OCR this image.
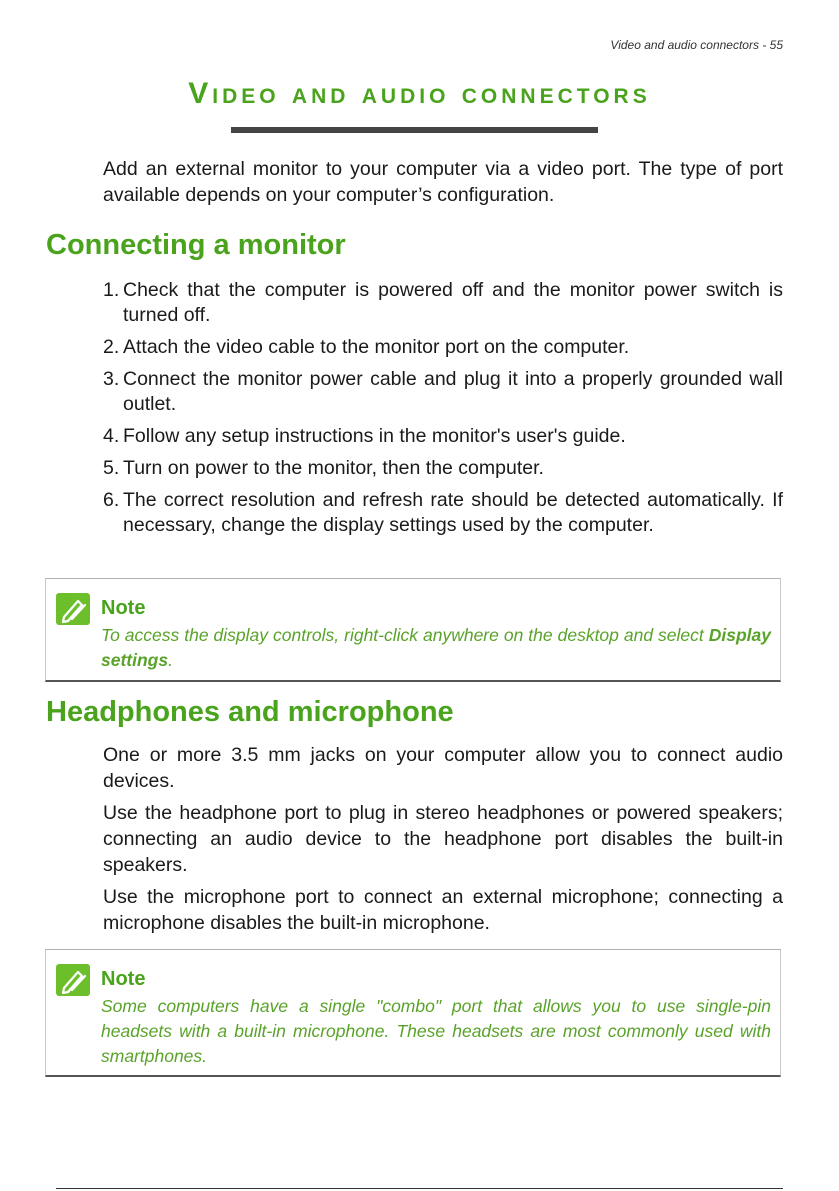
Video and audio connectors - 55
Video and audio connectors

Add an external monitor to your computer via a video port. The type of port available depends on your computer’s configuration.

Connecting a monitor
1. Check that the computer is powered off and the monitor power switch is turned off.
2. Attach the video cable to the monitor port on the computer.
3. Connect the monitor power cable and plug it into a properly grounded wall outlet.
4. Follow any setup instructions in the monitor's user's guide.
5. Turn on power to the monitor, then the computer.
6. The correct resolution and refresh rate should be detected automatically. If necessary, change the display settings used by the computer.
Note

To access the display controls, right-click anywhere on the desktop and select Display settings.

Headphones and microphone

One or more 3.5 mm jacks on your computer allow you to connect audio devices.

Use the headphone port to plug in stereo headphones or powered speakers; connecting an audio device to the headphone port disables the built-in speakers.

Use the microphone port to connect an external microphone; connecting a microphone disables the built-in microphone.

Note

Some computers have a single "combo" port that allows you to use single-pin headsets with a built-in microphone. These headsets are most commonly used with smartphones.
